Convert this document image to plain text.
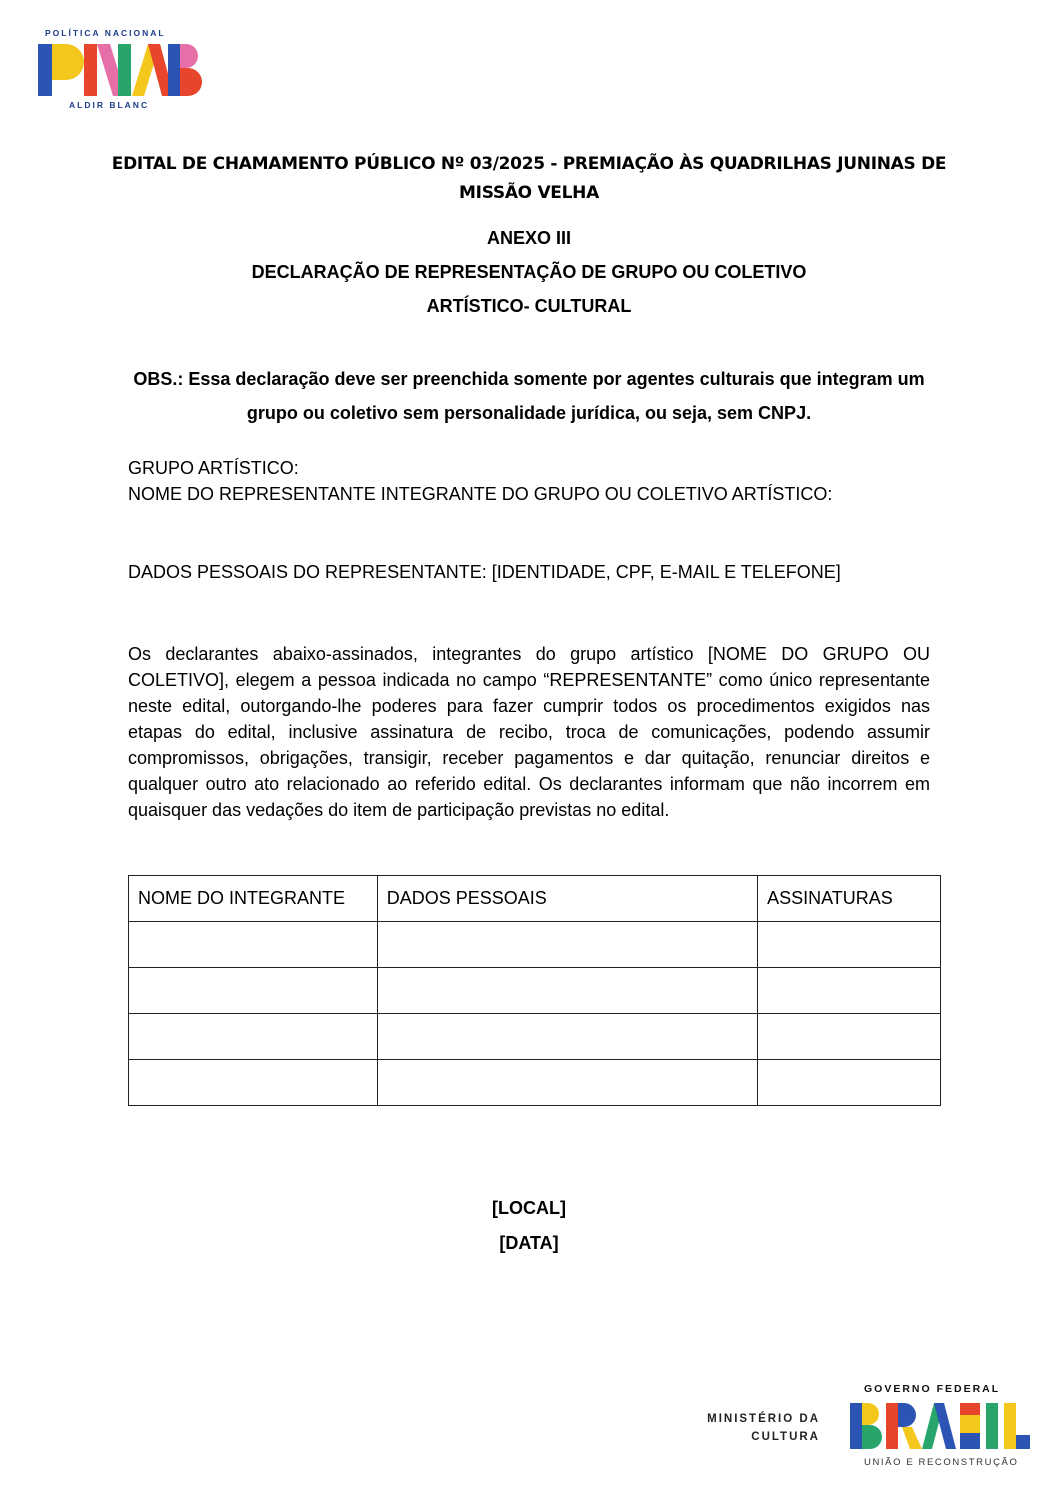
POLÍTICA NACIONAL
ALDIR BLANC
EDITAL DE CHAMAMENTO PÚBLICO Nº 03/2025 - PREMIAÇÃO ÀS QUADRILHAS JUNINAS DE MISSÃO VELHA
ANEXO III
DECLARAÇÃO DE REPRESENTAÇÃO DE GRUPO OU COLETIVO
ARTÍSTICO- CULTURAL
OBS.: Essa declaração deve ser preenchida somente por agentes culturais que integram um grupo ou coletivo sem personalidade jurídica, ou seja, sem CNPJ.
GRUPO ARTÍSTICO:
NOME DO REPRESENTANTE INTEGRANTE DO GRUPO OU COLETIVO ARTÍSTICO:
DADOS PESSOAIS DO REPRESENTANTE: [IDENTIDADE, CPF, E-MAIL E TELEFONE]
Os declarantes abaixo-assinados, integrantes do grupo artístico [NOME DO GRUPO OU COLETIVO], elegem a pessoa indicada no campo “REPRESENTANTE” como único representante neste edital, outorgando-lhe poderes para fazer cumprir todos os procedimentos exigidos nas etapas do edital, inclusive assinatura de recibo, troca de comunicações, podendo assumir compromissos, obrigações, transigir, receber pagamentos e dar quitação, renunciar direitos e qualquer outro ato relacionado ao referido edital. Os declarantes informam que não incorrem em quaisquer das vedações do item de participação previstas no edital.
NOME DO INTEGRANTE	DADOS PESSOAIS	ASSINATURAS

[LOCAL]
[DATA]
MINISTÉRIO DA
CULTURA
GOVERNO FEDERAL
UNIÃO E RECONSTRUÇÃO
